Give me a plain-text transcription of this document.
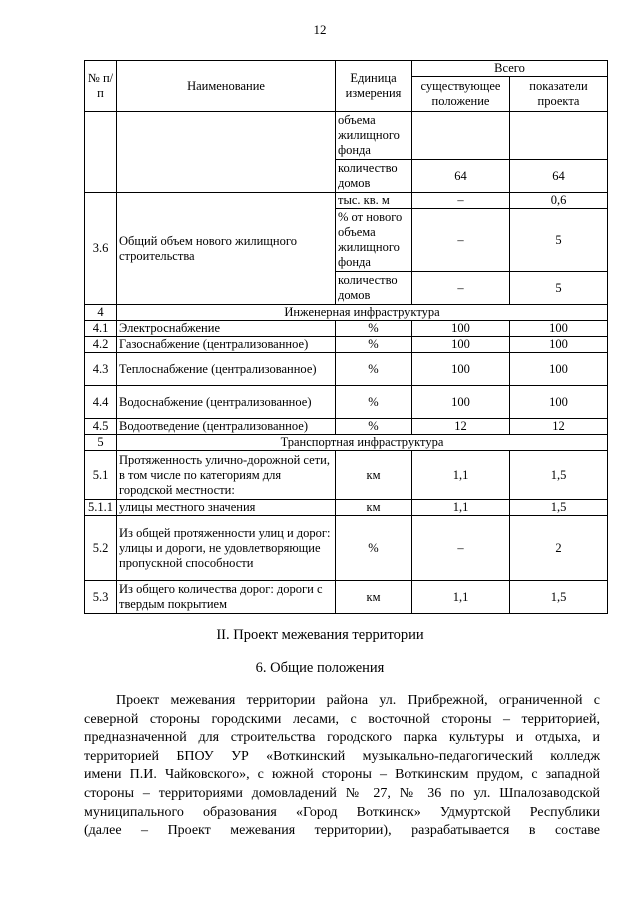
12
№ п/п	Наименование	Единица измерения	Всего	
			существующее положение	показатели проекта
		объема жилищного фонда		
		количество домов	64	64
3.6	Общий объем нового жилищного строительства	тыс. кв. м	–	0,6
		% от нового объема жилищного фонда	–	5
		количество домов	–	5
4	Инженерная инфраструктура			
4.1	Электроснабжение	%	100	100
4.2	Газоснабжение (централизованное)	%	100	100
4.3	Теплоснабжение (централизованное)	%	100	100
4.4	Водоснабжение (централизованное)	%	100	100
4.5	Водоотведение (централизованное)	%	12	12
5	Транспортная инфраструктура			
5.1	Протяженность улично-дорожной сети, в том числе по категориям для городской местности:	км	1,1	1,5
5.1.1	улицы местного значения	км	1,1	1,5
5.2	Из общей протяженности улиц и дорог: улицы и дороги, не удовлетворяющие пропускной способности	%	–	2
5.3	Из общего количества дорог: дороги с твердым покрытием	км	1,1	1,5
II. Проект межевания территории
6. Общие положения
Проект межевания территории района ул. Прибрежной, ограниченной с
северной стороны городскими лесами, с восточной стороны – территорией,
предназначенной для строительства городского парка культуры и отдыха, и
территорией БПОУ УР «Воткинский музыкально-педагогический колледж
имени П.И. Чайковского», с южной стороны – Воткинским прудом, с западной
стороны – территориями домовладений № 27, № 36 по ул. Шпалозаводской
муниципального образования «Город Воткинск» Удмуртской Республики
(далее – Проект межевания территории), разрабатывается в составе
